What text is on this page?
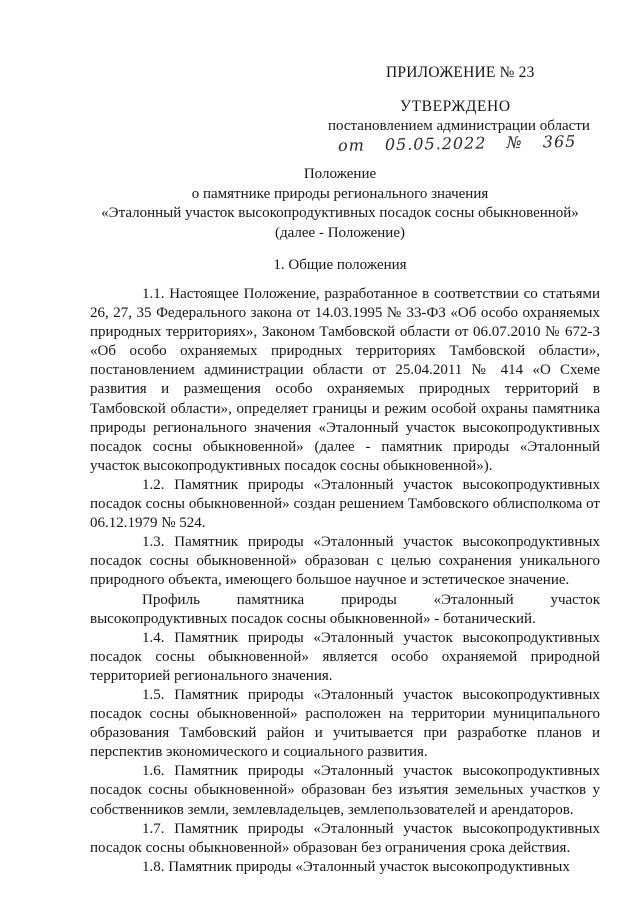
ПРИЛОЖЕНИЕ № 23
УТВЕРЖДЕНО
постановлением администрации области
от 05.05.2022 № 365
Положение
о памятнике природы регионального значения
«Эталонный участок высокопродуктивных посадок сосны обыкновенной»
(далее - Положение)
1. Общие положения

1.1. Настоящее Положение, разработанное в соответствии со статьями 26, 27, 35 Федерального закона от 14.03.1995 № 33-ФЗ «Об особо охраняемых природных территориях», Законом Тамбовской области от 06.07.2010 № 672-З «Об особо охраняемых природных территориях Тамбовской области», постановлением администрации области от 25.04.2011 № 414 «О Схеме развития и размещения особо охраняемых природных территорий в Тамбовской области», определяет границы и режим особой охраны памятника природы регионального значения «Эталонный участок высокопродуктивных посадок сосны обыкновенной» (далее - памятник природы «Эталонный участок высокопродуктивных посадок сосны обыкновенной»).

1.2. Памятник природы «Эталонный участок высокопродуктивных посадок сосны обыкновенной» создан решением Тамбовского облисполкома от 06.12.1979 № 524.

1.3. Памятник природы «Эталонный участок высокопродуктивных посадок сосны обыкновенной» образован с целью сохранения уникального природного объекта, имеющего большое научное и эстетическое значение.

Профиль памятника природы «Эталонный участок высокопродуктивных посадок сосны обыкновенной» - ботанический.

1.4. Памятник природы «Эталонный участок высокопродуктивных посадок сосны обыкновенной» является особо охраняемой природной территорией регионального значения.

1.5. Памятник природы «Эталонный участок высокопродуктивных посадок сосны обыкновенной» расположен на территории муниципального образования Тамбовский район и учитывается при разработке планов и перспектив экономического и социального развития.

1.6. Памятник природы «Эталонный участок высокопродуктивных посадок сосны обыкновенной» образован без изъятия земельных участков у собственников земли, землевладельцев, землепользователей и арендаторов.

1.7. Памятник природы «Эталонный участок высокопродуктивных посадок сосны обыкновенной» образован без ограничения срока действия.

1.8. Памятник природы «Эталонный участок высокопродуктивных
